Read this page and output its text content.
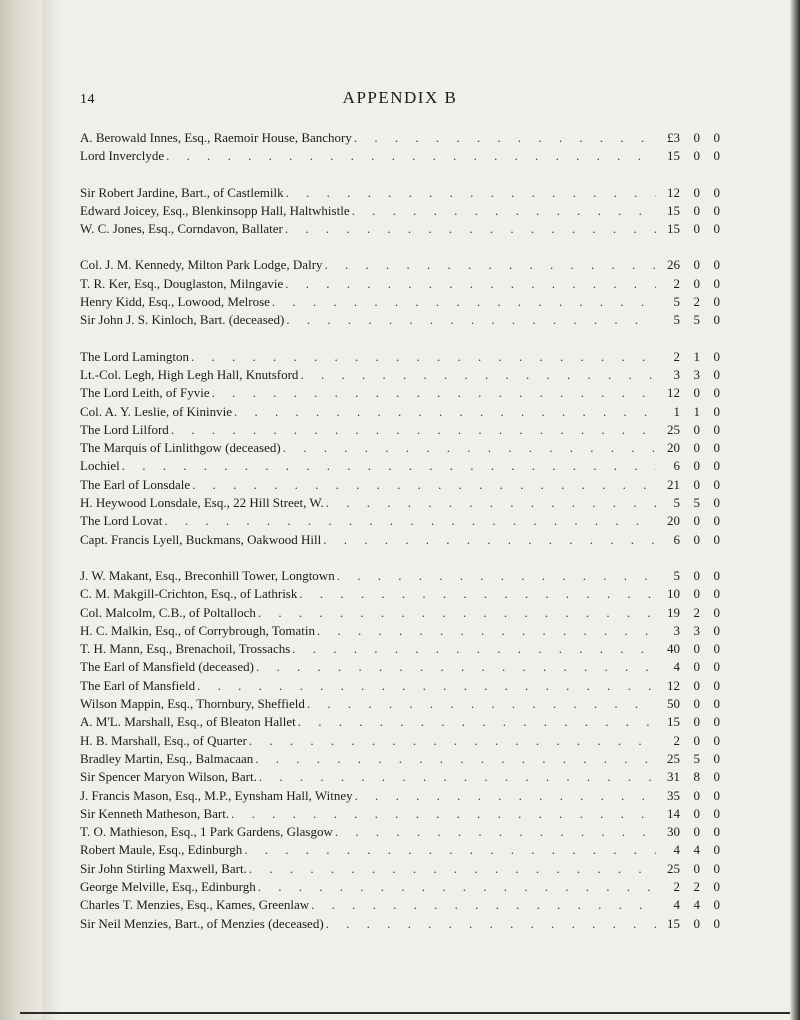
14	APPENDIX B
A. Berowald Innes, Esq., Raemoir House, Banchory . . .	£3	0	0
Lord Inverclyde . . .	15	0	0
Sir Robert Jardine, Bart., of Castlemilk . . .	12	0	0
Edward Joicey, Esq., Blenkinsopp Hall, Haltwhistle . . .	15	0	0
W. C. Jones, Esq., Corndavon, Ballater . . .	15	0	0
Col. J. M. Kennedy, Milton Park Lodge, Dalry . . .	26	0	0
T. R. Ker, Esq., Douglaston, Milngavie . . .	2	0	0
Henry Kidd, Esq., Lowood, Melrose . . .	5	2	0
Sir John J. S. Kinloch, Bart. (deceased) . . .	5	5	0
The Lord Lamington . . .	2	1	0
Lt.-Col. Legh, High Legh Hall, Knutsford . . .	3	3	0
The Lord Leith, of Fyvie . . .	12	0	0
Col. A. Y. Leslie, of Kininvie . . .	1	1	0
The Lord Lilford . . .	25	0	0
The Marquis of Linlithgow (deceased) . . .	20	0	0
Lochiel . . .	6	0	0
The Earl of Lonsdale . . .	21	0	0
H. Heywood Lonsdale, Esq., 22 Hill Street, W. . . .	5	5	0
The Lord Lovat . . .	20	0	0
Capt. Francis Lyell, Buckmans, Oakwood Hill . . .	6	0	0
J. W. Makant, Esq., Breconhill Tower, Longtown . . .	5	0	0
C. M. Makgill-Crichton, Esq., of Lathrisk . . .	10	0	0
Col. Malcolm, C.B., of Poltalloch . . .	19	2	0
H. C. Malkin, Esq., of Corrybrough, Tomatin . . .	3	3	0
T. H. Mann, Esq., Brenachoil, Trossachs . . .	40	0	0
The Earl of Mansfield (deceased) . . .	4	0	0
The Earl of Mansfield . . .	12	0	0
Wilson Mappin, Esq., Thornbury, Sheffield . . .	50	0	0
A. M'L. Marshall, Esq., of Bleaton Hallet . . .	15	0	0
H. B. Marshall, Esq., of Quarter . . .	2	0	0
Bradley Martin, Esq., Balmacaan . . .	25	5	0
Sir Spencer Maryon Wilson, Bart. . . .	31	8	0
J. Francis Mason, Esq., M.P., Eynsham Hall, Witney . . .	35	0	0
Sir Kenneth Matheson, Bart. . . .	14	0	0
T. O. Mathieson, Esq., 1 Park Gardens, Glasgow . . .	30	0	0
Robert Maule, Esq., Edinburgh . . .	4	4	0
Sir John Stirling Maxwell, Bart. . . .	25	0	0
George Melville, Esq., Edinburgh . . .	2	2	0
Charles T. Menzies, Esq., Kames, Greenlaw . . .	4	4	0
Sir Neil Menzies, Bart., of Menzies (deceased) . . .	15	0	0
